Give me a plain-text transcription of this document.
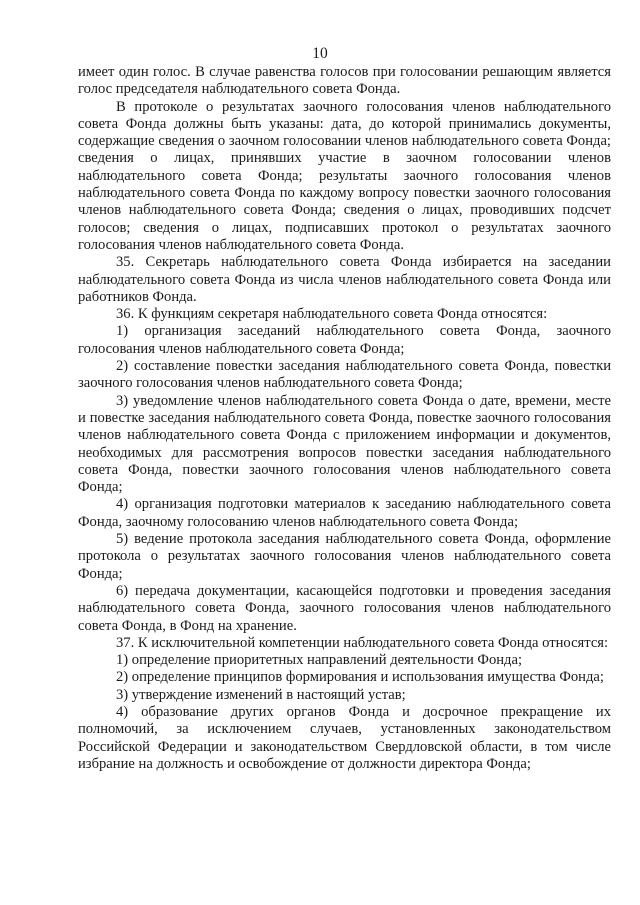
10

имеет один голос. В случае равенства голосов при голосовании решающим является голос председателя наблюдательного совета Фонда.

В протоколе о результатах заочного голосования членов наблюдательного совета Фонда должны быть указаны: дата, до которой принимались документы, содержащие сведения о заочном голосовании членов наблюдательного совета Фонда; сведения о лицах, принявших участие в заочном голосовании членов наблюдательного совета Фонда; результаты заочного голосования членов наблюдательного совета Фонда по каждому вопросу повестки заочного голосования членов наблюдательного совета Фонда; сведения о лицах, проводивших подсчет голосов; сведения о лицах, подписавших протокол о результатах заочного голосования членов наблюдательного совета Фонда.

35. Секретарь наблюдательного совета Фонда избирается на заседании наблюдательного совета Фонда из числа членов наблюдательного совета Фонда или работников Фонда.

36. К функциям секретаря наблюдательного совета Фонда относятся:

1) организация заседаний наблюдательного совета Фонда, заочного голосования членов наблюдательного совета Фонда;

2) составление повестки заседания наблюдательного совета Фонда, повестки заочного голосования членов наблюдательного совета Фонда;

3) уведомление членов наблюдательного совета Фонда о дате, времени, месте и повестке заседания наблюдательного совета Фонда, повестке заочного голосования членов наблюдательного совета Фонда с приложением информации и документов, необходимых для рассмотрения вопросов повестки заседания наблюдательного совета Фонда, повестки заочного голосования членов наблюдательного совета Фонда;

4) организация подготовки материалов к заседанию наблюдательного совета Фонда, заочному голосованию членов наблюдательного совета Фонда;

5) ведение протокола заседания наблюдательного совета Фонда, оформление протокола о результатах заочного голосования членов наблюдательного совета Фонда;

6) передача документации, касающейся подготовки и проведения заседания наблюдательного совета Фонда, заочного голосования членов наблюдательного совета Фонда, в Фонд на хранение.

37. К исключительной компетенции наблюдательного совета Фонда относятся:

1) определение приоритетных направлений деятельности Фонда;

2) определение принципов формирования и использования имущества Фонда;

3) утверждение изменений в настоящий устав;

4) образование других органов Фонда и досрочное прекращение их полномочий, за исключением случаев, установленных законодательством Российской Федерации и законодательством Свердловской области, в том числе избрание на должность и освобождение от должности директора Фонда;
